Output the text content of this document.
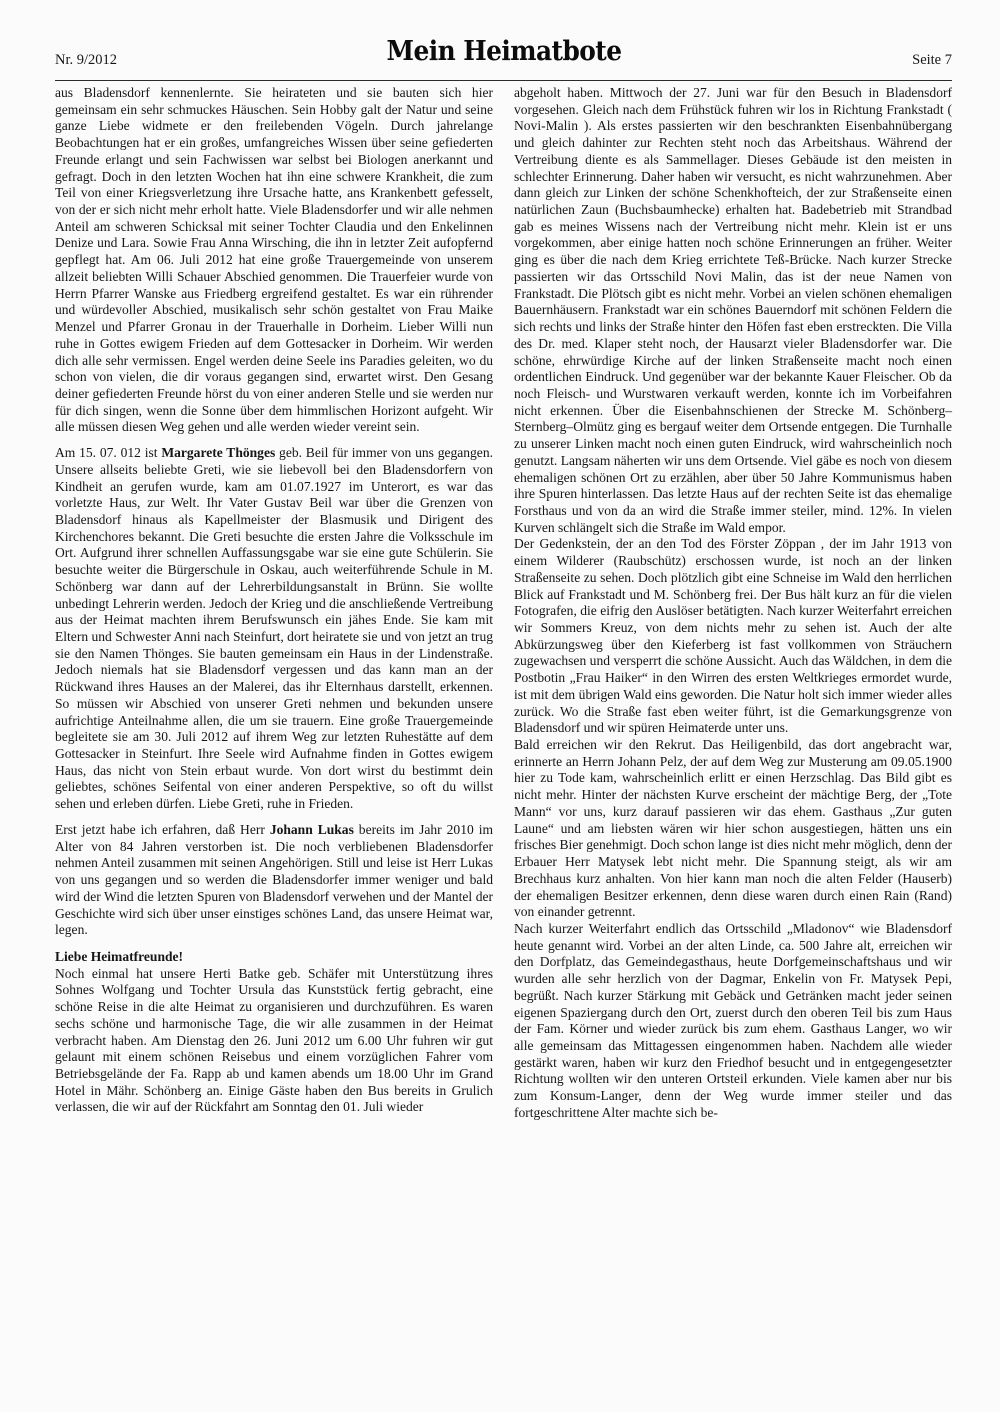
Nr. 9/2012	Mein Heimatbote	Seite 7

aus Bladensdorf kennenlernte. Sie heirateten und sie bauten sich hier gemeinsam ein sehr schmuckes Häuschen. Sein Hobby galt der Natur und seine ganze Liebe widmete er den freilebenden Vögeln. Durch jahrelange Beobachtungen hat er ein großes, umfangreiches Wissen über seine gefiederten Freunde erlangt und sein Fachwissen war selbst bei Biologen anerkannt und gefragt. Doch in den letzten Wochen hat ihn eine schwere Krankheit, die zum Teil von einer Kriegsverletzung ihre Ursache hatte, ans Krankenbett gefesselt, von der er sich nicht mehr erholt hatte. Viele Bladensdorfer und wir alle nehmen Anteil am schweren Schicksal mit seiner Tochter Claudia und den Enkelinnen Denize und Lara. Sowie Frau Anna Wirsching, die ihn in letzter Zeit aufopfernd gepflegt hat. Am 06. Juli 2012 hat eine große Trauergemeinde von unserem allzeit beliebten Willi Schauer Abschied genommen. Die Trauerfeier wurde von Herrn Pfarrer Wanske aus Friedberg ergreifend gestaltet. Es war ein rührender und würdevoller Abschied, musikalisch sehr schön gestaltet von Frau Maike Menzel und Pfarrer Gronau in der Trauerhalle in Dorheim. Lieber Willi nun ruhe in Gottes ewigem Frieden auf dem Gottesacker in Dorheim. Wir werden dich alle sehr vermissen. Engel werden deine Seele ins Paradies geleiten, wo du schon von vielen, die dir voraus gegangen sind, erwartet wirst. Den Gesang deiner gefiederten Freunde hörst du von einer anderen Stelle und sie werden nur für dich singen, wenn die Sonne über dem himmlischen Horizont aufgeht. Wir alle müssen diesen Weg gehen und alle werden wieder vereint sein.

Am 15. 07. 012 ist Margarete Thönges geb. Beil für immer von uns gegangen. Unsere allseits beliebte Greti, wie sie liebevoll bei den Bladensdorfern von Kindheit an gerufen wurde, kam am 01.07.1927 im Unterort, es war das vorletzte Haus, zur Welt. Ihr Vater Gustav Beil war über die Grenzen von Bladensdorf hinaus als Kapellmeister der Blasmusik und Dirigent des Kirchenchores bekannt. Die Greti besuchte die ersten Jahre die Volksschule im Ort. Aufgrund ihrer schnellen Auffassungsgabe war sie eine gute Schülerin. Sie besuchte weiter die Bürgerschule in Oskau, auch weiterführende Schule in M. Schönberg war dann auf der Lehrerbildungsanstalt in Brünn. Sie wollte unbedingt Lehrerin werden. Jedoch der Krieg und die anschließende Vertreibung aus der Heimat machten ihrem Berufswunsch ein jähes Ende. Sie kam mit Eltern und Schwester Anni nach Steinfurt, dort heiratete sie und von jetzt an trug sie den Namen Thönges. Sie bauten gemeinsam ein Haus in der Lindenstraße. Jedoch niemals hat sie Bladensdorf vergessen und das kann man an der Rückwand ihres Hauses an der Malerei, das ihr Elternhaus darstellt, erkennen. So müssen wir Abschied von unserer Greti nehmen und bekunden unsere aufrichtige Anteilnahme allen, die um sie trauern. Eine große Trauergemeinde begleitete sie am 30. Juli 2012 auf ihrem Weg zur letzten Ruhestätte auf dem Gottesacker in Steinfurt. Ihre Seele wird Aufnahme finden in Gottes ewigem Haus, das nicht von Stein erbaut wurde. Von dort wirst du bestimmt dein geliebtes, schönes Seifental von einer anderen Perspektive, so oft du willst sehen und erleben dürfen. Liebe Greti, ruhe in Frieden.

Erst jetzt habe ich erfahren, daß Herr Johann Lukas bereits im Jahr 2010 im Alter von 84 Jahren verstorben ist. Die noch verbliebenen Bladensdorfer nehmen Anteil zusammen mit seinen Angehörigen. Still und leise ist Herr Lukas von uns gegangen und so werden die Bladensdorfer immer weniger und bald wird der Wind die letzten Spuren von Bladensdorf verwehen und der Mantel der Geschichte wird sich über unser einstiges schönes Land, das unsere Heimat war, legen.

Liebe Heimatfreunde!

Noch einmal hat unsere Herti Batke geb. Schäfer mit Unterstützung ihres Sohnes Wolfgang und Tochter Ursula das Kunststück fertig gebracht, eine schöne Reise in die alte Heimat zu organisieren und durchzuführen. Es waren sechs schöne und harmonische Tage, die wir alle zusammen in der Heimat verbracht haben. Am Dienstag den 26. Juni 2012 um 6.00 Uhr fuhren wir gut gelaunt mit einem schönen Reisebus und einem vorzüglichen Fahrer vom Betriebsgelände der Fa. Rapp ab und kamen abends um 18.00 Uhr im Grand Hotel in Mähr. Schönberg an. Einige Gäste haben den Bus bereits in Grulich verlassen, die wir auf der Rückfahrt am Sonntag den 01. Juli wieder

abgeholt haben. Mittwoch der 27. Juni war für den Besuch in Bladensdorf vorgesehen. Gleich nach dem Frühstück fuhren wir los in Richtung Frankstadt ( Novi-Malin ). Als erstes passierten wir den beschrankten Eisenbahnübergang und gleich dahinter zur Rechten steht noch das Arbeitshaus. Während der Vertreibung diente es als Sammellager. Dieses Gebäude ist den meisten in schlechter Erinnerung. Daher haben wir versucht, es nicht wahrzunehmen. Aber dann gleich zur Linken der schöne Schenkhofteich, der zur Straßenseite einen natürlichen Zaun (Buchsbaumhecke) erhalten hat. Badebetrieb mit Strandbad gab es meines Wissens nach der Vertreibung nicht mehr. Klein ist er uns vorgekommen, aber einige hatten noch schöne Erinnerungen an früher. Weiter ging es über die nach dem Krieg errichtete Teß-Brücke. Nach kurzer Strecke passierten wir das Ortsschild Novi Malin, das ist der neue Namen von Frankstadt. Die Plötsch gibt es nicht mehr. Vorbei an vielen schönen ehemaligen Bauernhäusern. Frankstadt war ein schönes Bauerndorf mit schönen Feldern die sich rechts und links der Straße hinter den Höfen fast eben erstreckten. Die Villa des Dr. med. Klaper steht noch, der Hausarzt vieler Bladensdorfer war. Die schöne, ehrwürdige Kirche auf der linken Straßenseite macht noch einen ordentlichen Eindruck. Und gegenüber war der bekannte Kauer Fleischer. Ob da noch Fleisch- und Wurstwaren verkauft werden, konnte ich im Vorbeifahren nicht erkennen. Über die Eisenbahnschienen der Strecke M. Schönberg–Sternberg–Olmütz ging es bergauf weiter dem Ortsende entgegen. Die Turnhalle zu unserer Linken macht noch einen guten Eindruck, wird wahrscheinlich noch genutzt. Langsam näherten wir uns dem Ortsende. Viel gäbe es noch von diesem ehemaligen schönen Ort zu erzählen, aber über 50 Jahre Kommunismus haben ihre Spuren hinterlassen. Das letzte Haus auf der rechten Seite ist das ehemalige Forsthaus und von da an wird die Straße immer steiler, mind. 12%. In vielen Kurven schlängelt sich die Straße im Wald empor.

Der Gedenkstein, der an den Tod des Förster Zöppan , der im Jahr 1913 von einem Wilderer (Raubschütz) erschossen wurde, ist noch an der linken Straßenseite zu sehen. Doch plötzlich gibt eine Schneise im Wald den herrlichen Blick auf Frankstadt und M. Schönberg frei. Der Bus hält kurz an für die vielen Fotografen, die eifrig den Auslöser betätigten. Nach kurzer Weiterfahrt erreichen wir Sommers Kreuz, von dem nichts mehr zu sehen ist. Auch der alte Abkürzungsweg über den Kieferberg ist fast vollkommen von Sträuchern zugewachsen und versperrt die schöne Aussicht. Auch das Wäldchen, in dem die Postbotin „Frau Haiker“ in den Wirren des ersten Weltkrieges ermordet wurde, ist mit dem übrigen Wald eins geworden. Die Natur holt sich immer wieder alles zurück. Wo die Straße fast eben weiter führt, ist die Gemarkungsgrenze von Bladensdorf und wir spüren Heimaterde unter uns.

Bald erreichen wir den Rekrut. Das Heiligenbild, das dort angebracht war, erinnerte an Herrn Johann Pelz, der auf dem Weg zur Musterung am 09.05.1900 hier zu Tode kam, wahrscheinlich erlitt er einen Herzschlag. Das Bild gibt es nicht mehr. Hinter der nächsten Kurve erscheint der mächtige Berg, der „Tote Mann“ vor uns, kurz darauf passieren wir das ehem. Gasthaus „Zur guten Laune“ und am liebsten wären wir hier schon ausgestiegen, hätten uns ein frisches Bier genehmigt. Doch schon lange ist dies nicht mehr möglich, denn der Erbauer Herr Matysek lebt nicht mehr. Die Spannung steigt, als wir am Brechhaus kurz anhalten. Von hier kann man noch die alten Felder (Hauserb) der ehemaligen Besitzer erkennen, denn diese waren durch einen Rain (Rand) von einander getrennt.

Nach kurzer Weiterfahrt endlich das Ortsschild „Mladonov“ wie Bladensdorf heute genannt wird. Vorbei an der alten Linde, ca. 500 Jahre alt, erreichen wir den Dorfplatz, das Gemeindegasthaus, heute Dorfgemeinschaftshaus und wir wurden alle sehr herzlich von der Dagmar, Enkelin von Fr. Matysek Pepi, begrüßt. Nach kurzer Stärkung mit Gebäck und Getränken macht jeder seinen eigenen Spaziergang durch den Ort, zuerst durch den oberen Teil bis zum Haus der Fam. Körner und wieder zurück bis zum ehem. Gasthaus Langer, wo wir alle gemeinsam das Mittagessen eingenommen haben. Nachdem alle wieder gestärkt waren, haben wir kurz den Friedhof besucht und in entgegengesetzter Richtung wollten wir den unteren Ortsteil erkunden. Viele kamen aber nur bis zum Konsum-Langer, denn der Weg wurde immer steiler und das fortgeschrittene Alter machte sich be-
